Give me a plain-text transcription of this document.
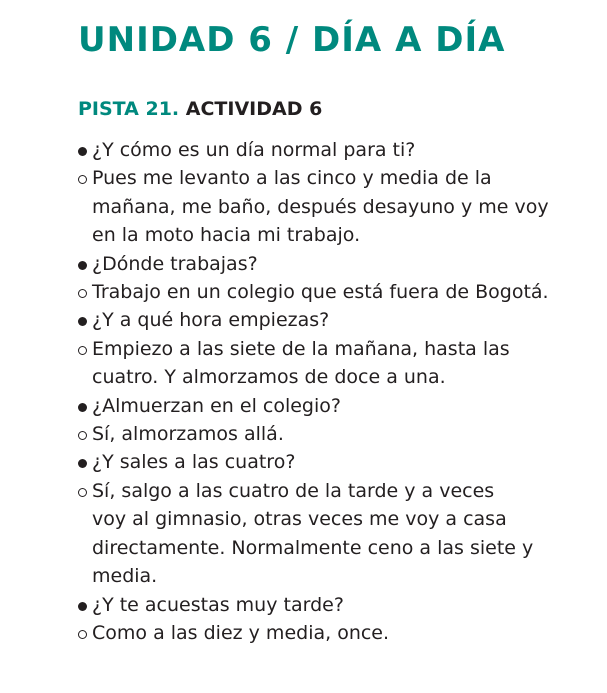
UNIDAD 6 / DÍA A DÍA
PISTA 21. ACTIVIDAD 6
¿Y cómo es un día normal para ti?
Pues me levanto a las cinco y media de la
mañana, me baño, después desayuno y me voy
en la moto hacia mi trabajo.
¿Dónde trabajas?
Trabajo en un colegio que está fuera de Bogotá.
¿Y a qué hora empiezas?
Empiezo a las siete de la mañana, hasta las
cuatro. Y almorzamos de doce a una.
¿Almuerzan en el colegio?
Sí, almorzamos allá.
¿Y sales a las cuatro?
Sí, salgo a las cuatro de la tarde y a veces
voy al gimnasio, otras veces me voy a casa
directamente. Normalmente ceno a las siete y
media.
¿Y te acuestas muy tarde?
Como a las diez y media, once.
